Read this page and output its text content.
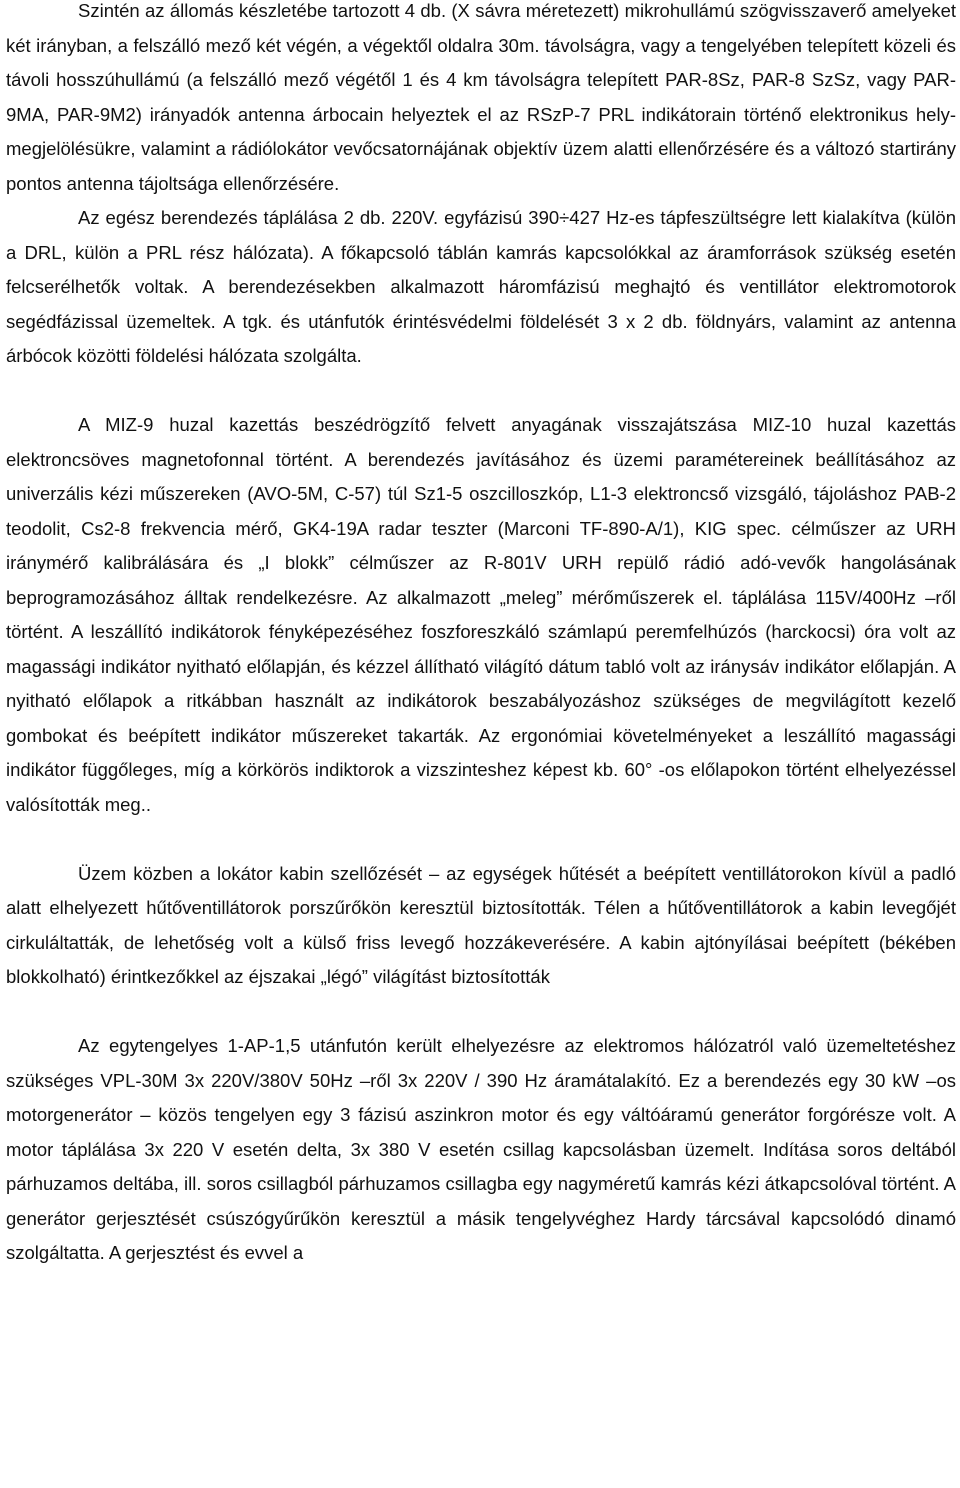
Szintén az állomás készletébe tartozott 4 db. (X sávra méretezett) mikrohullámú szögvisszaverő amelyeket két irányban, a felszálló mező két végén, a végektől oldalra 30m. távolságra, vagy a tengelyében telepített közeli és távoli hosszúhullámú (a felszálló mező végétől 1 és 4 km távolságra telepített PAR-8Sz, PAR-8 SzSz, vagy PAR-9MA, PAR-9M2) irányadók antenna árbocain helyeztek el az RSzP-7 PRL indikátorain történő elektronikus hely-megjelölésükre, valamint a rádiólokátor vevőcsatornájának objektív üzem alatti ellenőrzésére és a változó startirány pontos antenna tájoltsága ellenőrzésére.

Az egész berendezés táplálása 2 db. 220V. egyfázisú 390÷427 Hz-es tápfeszültségre lett kialakítva (külön a DRL, külön a PRL rész hálózata). A főkapcsoló táblán kamrás kapcsolókkal az áramforrások szükség esetén felcserélhetők voltak. A berendezésekben alkalmazott háromfázisú meghajtó és ventillátor elektromotorok segédfázissal üzemeltek. A tgk. és utánfutók érintésvédelmi földelését 3 x 2 db. földnyárs, valamint az antenna árbócok közötti földelési hálózata szolgálta.

A MIZ-9 huzal kazettás beszédrögzítő felvett anyagának visszajátszása MIZ-10 huzal kazettás elektroncsöves magnetofonnal történt. A berendezés javításához és üzemi paramétereinek beállításához az univerzális kézi műszereken (AVO-5M, C-57) túl Sz1-5 oszcilloszkóp, L1-3 elektroncső vizsgáló, tájoláshoz PAB-2 teodolit, Cs2-8 frekvencia mérő, GK4-19A radar teszter (Marconi TF-890-A/1), KIG spec. célműszer az URH iránymérő kalibrálására és „I blokk” célműszer az R-801V URH repülő rádió adó-vevők hangolásának beprogramozásához álltak rendelkezésre. Az alkalmazott „meleg” mérőműszerek el. táplálása 115V/400Hz –ről történt. A leszállító indikátorok fényképezéséhez foszforeszkáló számlapú peremfelhúzós (harckocsi) óra volt az magassági indikátor nyitható előlapján, és kézzel állítható világító dátum tabló volt az iránysáv indikátor előlapján. A nyitható előlapok a ritkábban használt az indikátorok beszabályozáshoz szükséges de megvilágított kezelő gombokat és beépített indikátor műszereket takarták. Az ergonómiai követelményeket a leszállító magassági indikátor függőleges, míg a körkörös indiktorok a vizszinteshez képest kb. 60° -os előlapokon történt elhelyezéssel valósították meg..

Üzem közben a lokátor kabin szellőzését – az egységek hűtését a beépített ventillátorokon kívül a padló alatt elhelyezett hűtőventillátorok porszűrőkön keresztül biztosították. Télen a hűtőventillátorok a kabin levegőjét cirkuláltatták, de lehetőség volt a külső friss levegő hozzákeverésére. A kabin ajtónyílásai beépített (békében blokkolható) érintkezőkkel az éjszakai „légó” világítást biztosították

Az egytengelyes 1-AP-1,5 utánfutón került elhelyezésre az elektromos hálózatról való üzemeltetéshez szükséges VPL-30M 3x 220V/380V 50Hz –ről 3x 220V / 390 Hz áramátalakító. Ez a berendezés egy 30 kW –os motorgenerátor – közös tengelyen egy 3 fázisú aszinkron motor és egy váltóáramú generátor forgórésze volt. A motor táplálása 3x 220 V esetén delta, 3x 380 V esetén csillag kapcsolásban üzemelt. Indítása soros deltából párhuzamos deltába, ill. soros csillagból párhuzamos csillagba egy nagyméretű kamrás kézi átkapcsolóval történt. A generátor gerjesztését csúszógyűrűkön keresztül a másik tengelyvéghez Hardy tárcsával kapcsolódó dinamó szolgáltatta. A gerjesztést és evvel a
